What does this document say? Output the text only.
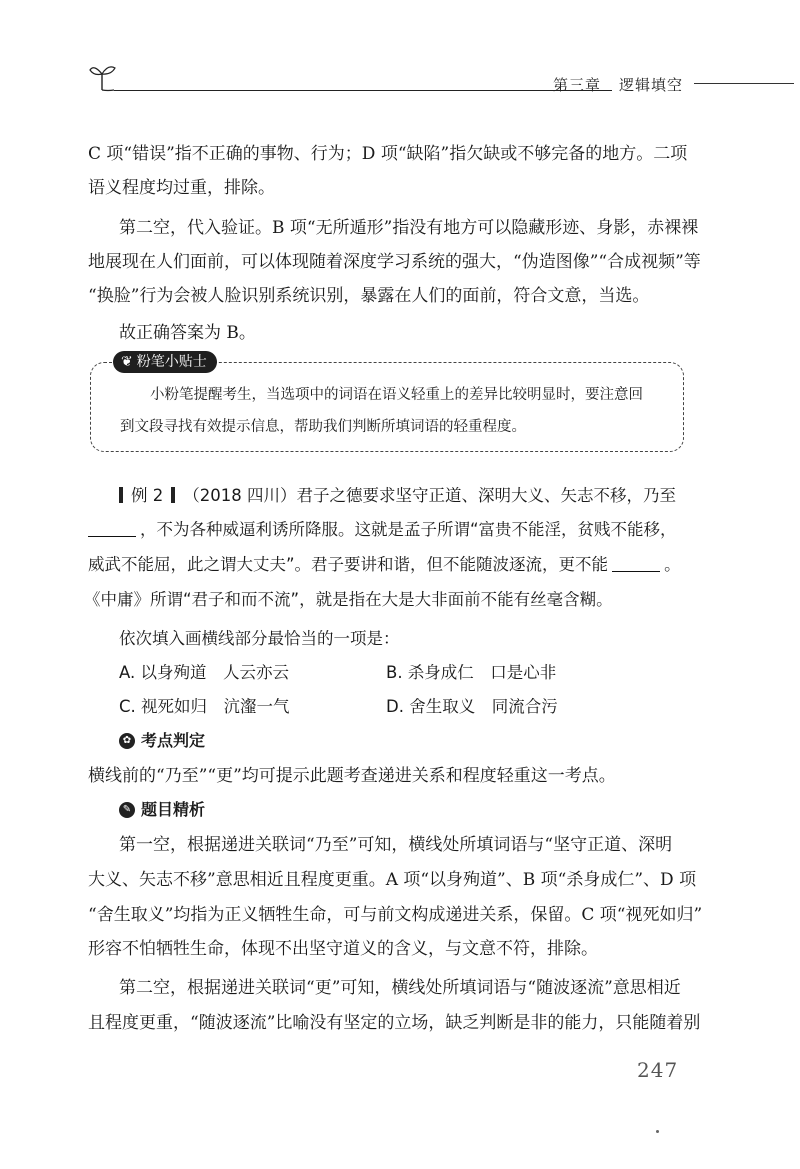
第三章 逻辑填空

C 项“错误”指不正确的事物、行为；D 项“缺陷”指欠缺或不够完备的地方。二项

语义程度均过重，排除。

第二空，代入验证。B 项“无所遁形”指没有地方可以隐藏形迹、身影，赤裸裸

地展现在人们面前，可以体现随着深度学习系统的强大，“伪造图像”“合成视频”等

“换脸”行为会被人脸识别系统识别，暴露在人们的面前，符合文意，当选。

故正确答案为 B。

❦ 粉笔小贴士
小粉笔提醒考生，当选项中的词语在语义轻重上的差异比较明显时，要注意回
到文段寻找有效提示信息，帮助我们判断所填词语的轻重程度。
例 2 （2018 四川）君子之德要求坚守正道、深明大义、矢志不移，乃至
，不为各种威逼利诱所降服。这就是孟子所谓“富贵不能淫，贫贱不能移，
威武不能屈，此之谓大丈夫”。君子要讲和谐，但不能随波逐流，更不能	。
《中庸》所谓“君子和而不流”，就是指在大是大非面前不能有丝毫含糊。
依次填入画横线部分最恰当的一项是：
A. 以身殉道　人云亦云	B. 杀身成仁　口是心非
C. 视死如归　沆瀣一气	D. 舍生取义　同流合污
✿ 考点判定

横线前的“乃至”“更”均可提示此题考查递进关系和程度轻重这一考点。

✎ 题目精析

第一空，根据递进关联词“乃至”可知，横线处所填词语与“坚守正道、深明

大义、矢志不移”意思相近且程度更重。A 项“以身殉道”、B 项“杀身成仁”、D 项

“舍生取义”均指为正义牺牲生命，可与前文构成递进关系，保留。C 项“视死如归”

形容不怕牺牲生命，体现不出坚守道义的含义，与文意不符，排除。

第二空，根据递进关联词“更”可知，横线处所填词语与“随波逐流”意思相近

且程度更重，“随波逐流”比喻没有坚定的立场，缺乏判断是非的能力，只能随着别

247
